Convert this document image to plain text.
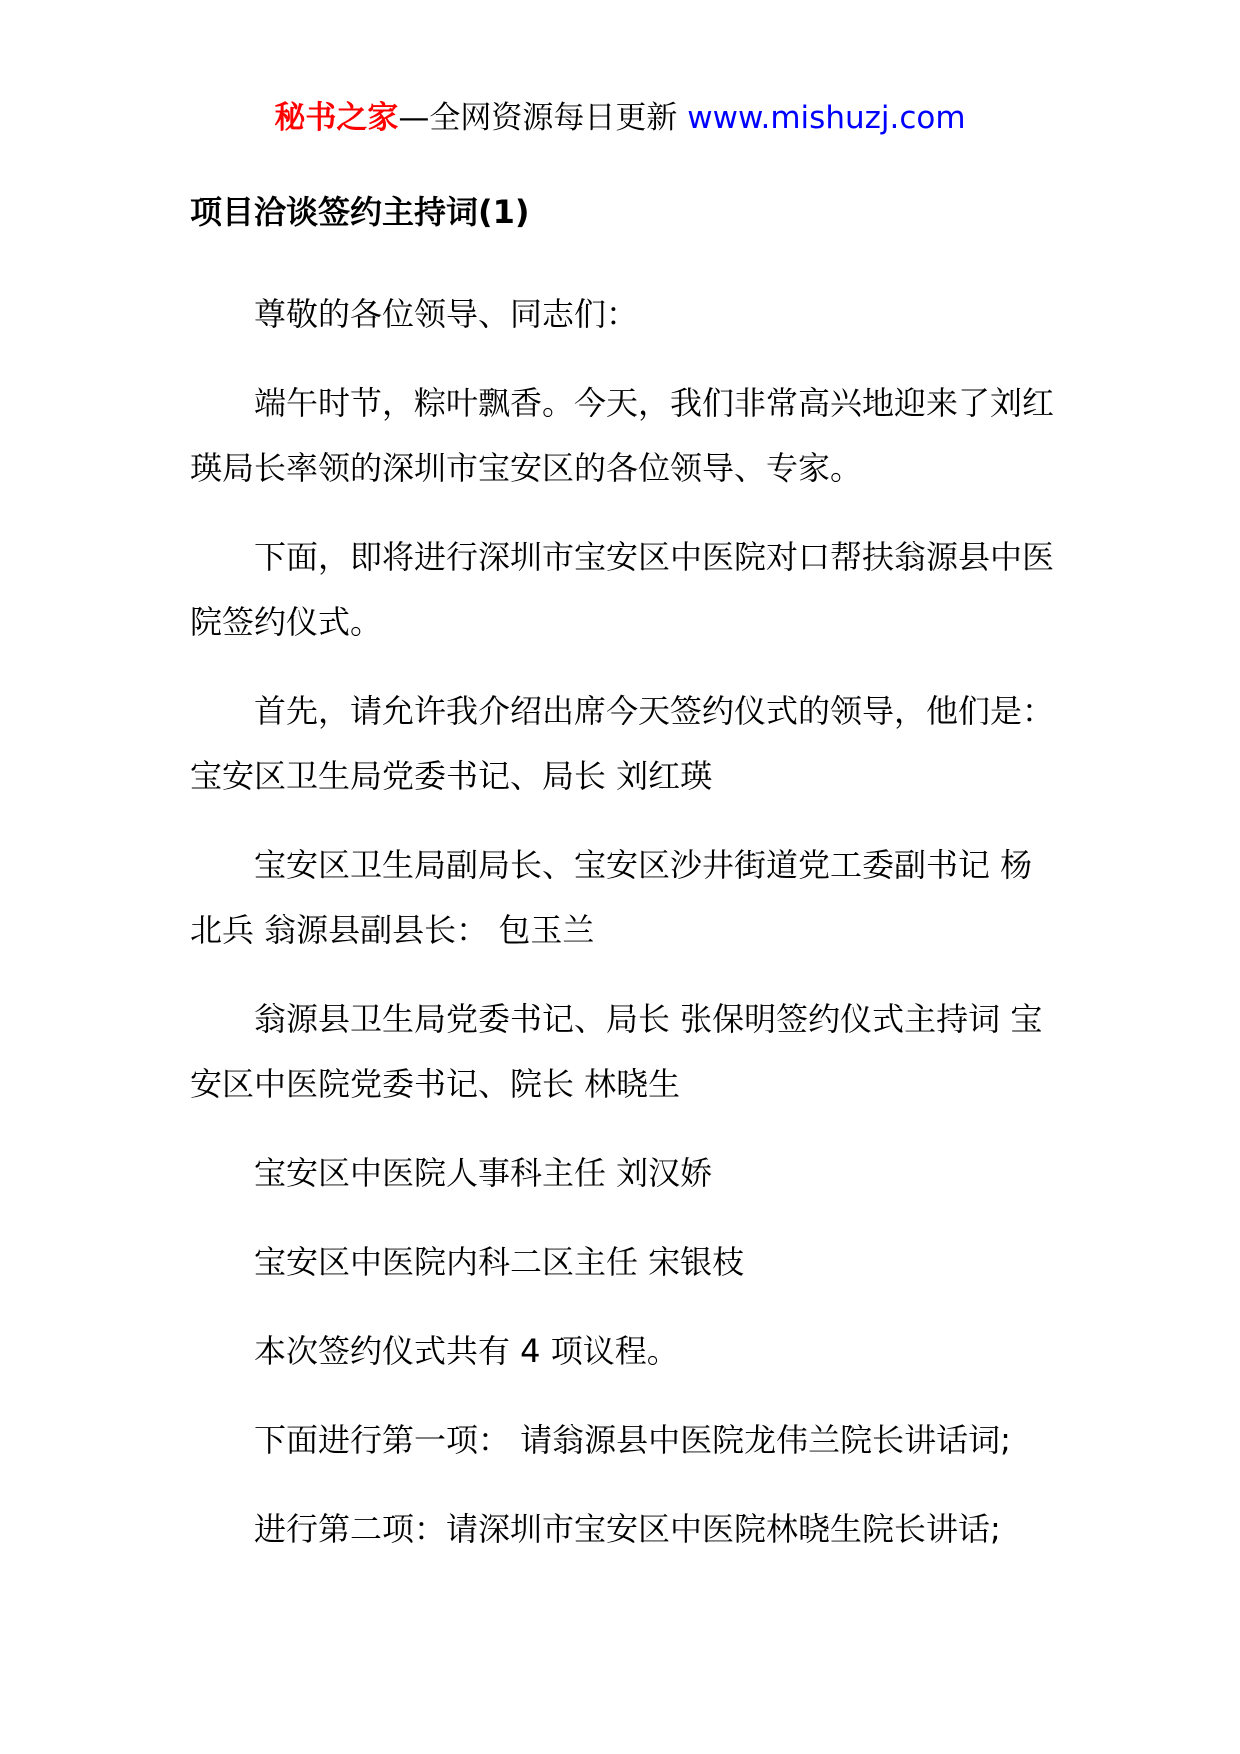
秘书之家—全网资源每日更新 www.mishuzj.com
项目洽谈签约主持词(1)

尊敬的各位领导、同志们：

端午时节，粽叶飘香。今天，我们非常高兴地迎来了刘红瑛局长率领的深圳市宝安区的各位领导、专家。

下面，即将进行深圳市宝安区中医院对口帮扶翁源县中医院签约仪式。

首先，请允许我介绍出席今天签约仪式的领导，他们是： 宝安区卫生局党委书记、局长 刘红瑛

宝安区卫生局副局长、宝安区沙井街道党工委副书记 杨北兵 翁源县副县长： 包玉兰

翁源县卫生局党委书记、局长 张保明签约仪式主持词 宝安区中医院党委书记、院长 林晓生

宝安区中医院人事科主任 刘汉娇

宝安区中医院内科二区主任 宋银枝

本次签约仪式共有 4 项议程。

下面进行第一项： 请翁源县中医院龙伟兰院长讲话词;

进行第二项：请深圳市宝安区中医院林晓生院长讲话;
